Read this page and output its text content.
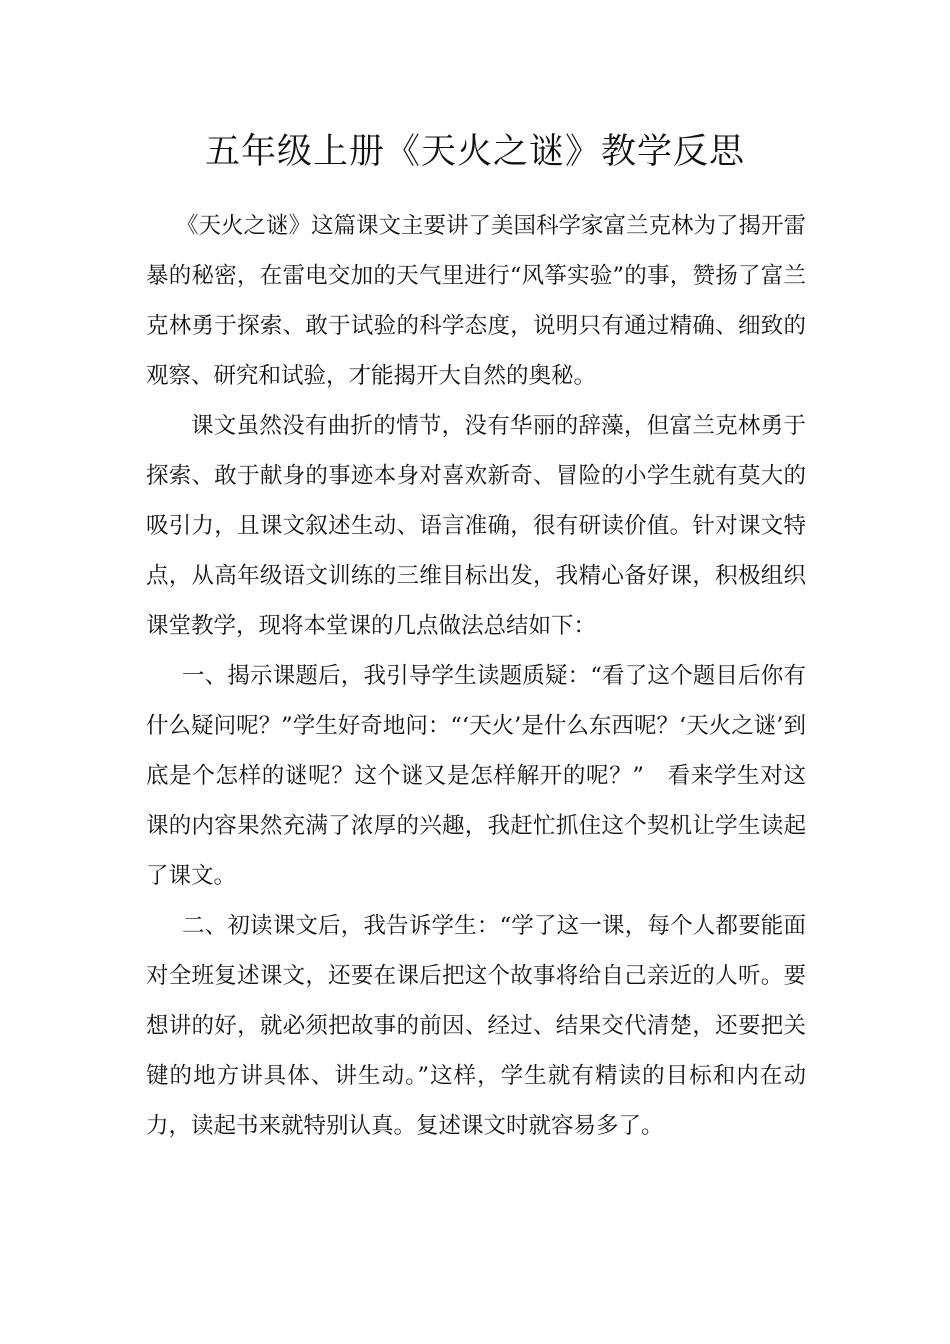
五年级上册《天火之谜》教学反思

《天火之谜》这篇课文主要讲了美国科学家富兰克林为了揭开雷暴的秘密，在雷电交加的天气里进行“风筝实验”的事，赞扬了富兰克林勇于探索、敢于试验的科学态度，说明只有通过精确、细致的观察、研究和试验，才能揭开大自然的奥秘。

课文虽然没有曲折的情节，没有华丽的辞藻，但富兰克林勇于探索、敢于献身的事迹本身对喜欢新奇、冒险的小学生就有莫大的吸引力，且课文叙述生动、语言准确，很有研读价值。针对课文特点，从高年级语文训练的三维目标出发，我精心备好课，积极组织课堂教学，现将本堂课的几点做法总结如下：

一、揭示课题后，我引导学生读题质疑：“看了这个题目后你有什么疑问呢？”学生好奇地问：“‘天火’是什么东西呢？‘天火之谜’到底是个怎样的谜呢？这个谜又是怎样解开的呢？”　看来学生对这课的内容果然充满了浓厚的兴趣，我赶忙抓住这个契机让学生读起了课文。

二、初读课文后，我告诉学生：“学了这一课，每个人都要能面对全班复述课文，还要在课后把这个故事将给自己亲近的人听。要想讲的好，就必须把故事的前因、经过、结果交代清楚，还要把关键的地方讲具体、讲生动。”这样，学生就有精读的目标和内在动力，读起书来就特别认真。复述课文时就容易多了。
